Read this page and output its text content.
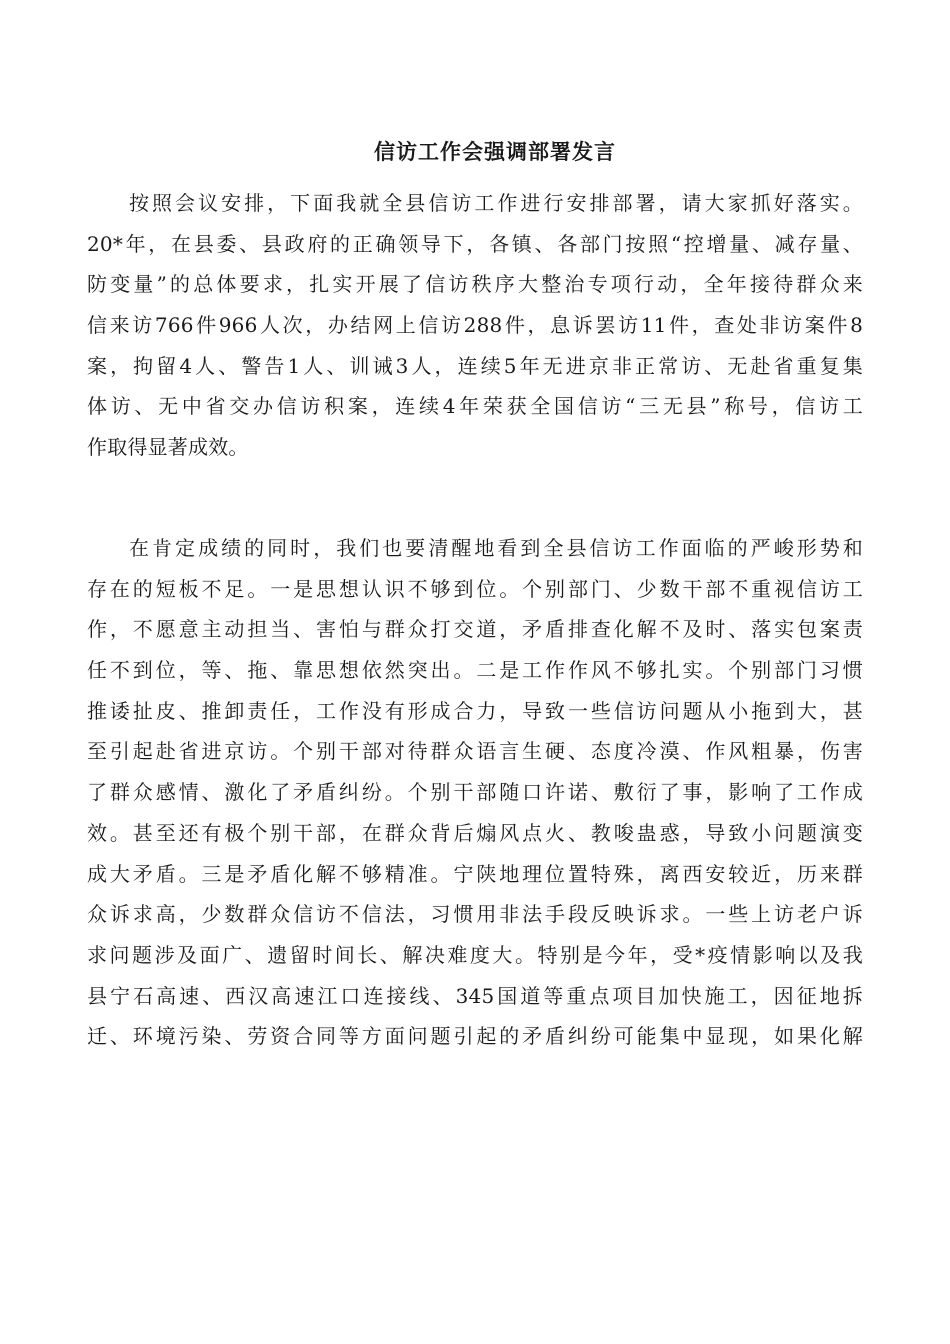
信访工作会强调部署发言
按照会议安排，下面我就全县信访工作进行安排部署，请大家抓好落实。
20*年，在县委、县政府的正确领导下，各镇、各部门按照“控增量、减存量、
防变量”的总体要求，扎实开展了信访秩序大整治专项行动，全年接待群众来
信来访766件966人次，办结网上信访288件，息诉罢访11件，查处非访案件8
案，拘留4人、警告1人、训诫3人，连续5年无进京非正常访、无赴省重复集
体访、无中省交办信访积案，连续4年荣获全国信访“三无县”称号，信访工
作取得显著成效。
在肯定成绩的同时，我们也要清醒地看到全县信访工作面临的严峻形势和
存在的短板不足。一是思想认识不够到位。个别部门、少数干部不重视信访工
作，不愿意主动担当、害怕与群众打交道，矛盾排查化解不及时、落实包案责
任不到位，等、拖、靠思想依然突出。二是工作作风不够扎实。个别部门习惯
推诿扯皮、推卸责任，工作没有形成合力，导致一些信访问题从小拖到大，甚
至引起赴省进京访。个别干部对待群众语言生硬、态度冷漠、作风粗暴，伤害
了群众感情、激化了矛盾纠纷。个别干部随口许诺、敷衍了事，影响了工作成
效。甚至还有极个别干部，在群众背后煽风点火、教唆蛊惑，导致小问题演变
成大矛盾。三是矛盾化解不够精准。宁陕地理位置特殊，离西安较近，历来群
众诉求高，少数群众信访不信法，习惯用非法手段反映诉求。一些上访老户诉
求问题涉及面广、遗留时间长、解决难度大。特别是今年，受*疫情影响以及我
县宁石高速、西汉高速江口连接线、345国道等重点项目加快施工，因征地拆
迁、环境污染、劳资合同等方面问题引起的矛盾纠纷可能集中显现，如果化解
